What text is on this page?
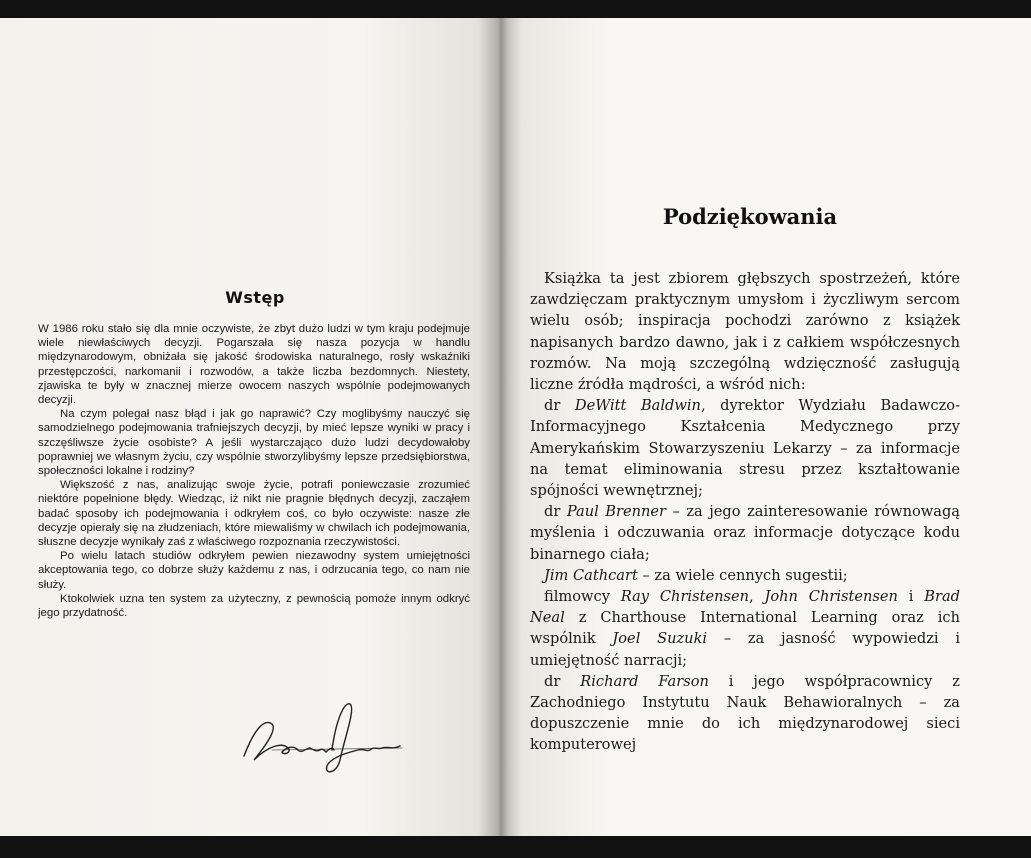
Wstęp

W 1986 roku stało się dla mnie oczywiste, że zbyt dużo ludzi w tym kraju podejmuje wiele niewłaściwych decyzji. Pogarszała się nasza pozycja w handlu międzynarodowym, obniżała się jakość środowiska naturalnego, rosły wskaźniki przestępczości, narkomanii i rozwodów, a także liczba bezdomnych. Niestety, zjawiska te były w znacznej mierze owocem naszych wspólnie podejmowanych decyzji.

Na czym polegał nasz błąd i jak go naprawić? Czy moglibyśmy nauczyć się samodzielnego podejmowania trafniejszych decyzji, by mieć lepsze wyniki w pracy i szczęśliwsze życie osobiste? A jeśli wystarczająco dużo ludzi decydowałoby poprawniej we własnym życiu, czy wspólnie stworzylibyśmy lepsze przedsiębiorstwa, społeczności lokalne i rodziny?

Większość z nas, analizując swoje życie, potrafi poniewczasie zrozumieć niektóre popełnione błędy. Wiedząc, iż nikt nie pragnie błędnych decyzji, zacząłem badać sposoby ich podejmowania i odkryłem coś, co było oczywiste: nasze złe decyzje opierały się na złudzeniach, które miewaliśmy w chwilach ich podejmowania, słuszne decyzje wynikały zaś z właściwego rozpoznania rzeczywistości.

Po wielu latach studiów odkryłem pewien niezawodny system umiejętności akceptowania tego, co dobrze służy każdemu z nas, i odrzucania tego, co nam nie służy.

Ktokolwiek uzna ten system za użyteczny, z pewnością pomoże innym odkryć jego przydatność.

Podziękowania

Książka ta jest zbiorem głębszych spostrzeżeń, które zawdzięczam praktycznym umysłom i życzliwym sercom wielu osób; inspiracja pochodzi zarówno z książek napisanych bardzo dawno, jak i z całkiem współczesnych rozmów. Na moją szczególną wdzięczność zasługują liczne źródła mądrości, a wśród nich:

dr DeWitt Baldwin, dyrektor Wydziału Badawczo-Informacyjnego Kształcenia Medycznego przy Amerykańskim Stowarzyszeniu Lekarzy – za informacje na temat eliminowania stresu przez kształtowanie spójności wewnętrznej;

dr Paul Brenner – za jego zainteresowanie równowagą myślenia i odczuwania oraz informacje dotyczące kodu binarnego ciała;

Jim Cathcart – za wiele cennych sugestii;

filmowcy Ray Christensen, John Christensen i Brad Neal z Charthouse International Learning oraz ich wspólnik Joel Suzuki – za jasność wypowiedzi i umiejętność narracji;

dr Richard Farson i jego współpracownicy z Zachodniego Instytutu Nauk Behawioralnych – za dopuszczenie mnie do ich międzynarodowej sieci komputerowej
